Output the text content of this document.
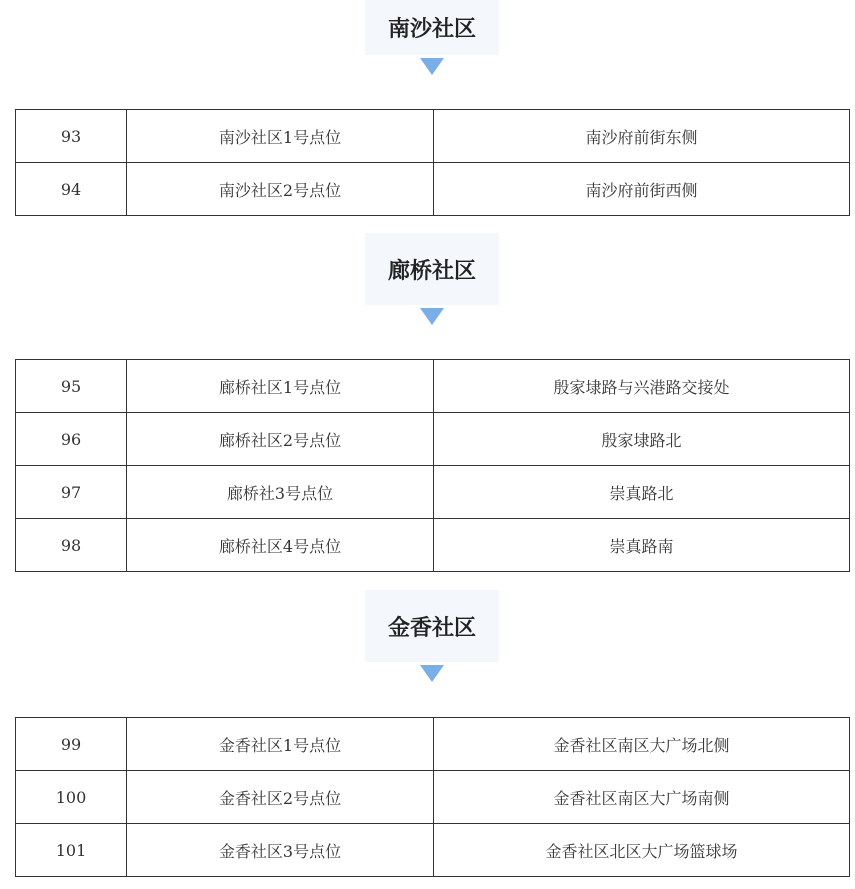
南沙社区
93	南沙社区1号点位	南沙府前街东侧
94	南沙社区2号点位	南沙府前街西侧
廊桥社区
95	廊桥社区1号点位	殷家埭路与兴港路交接处
96	廊桥社区2号点位	殷家埭路北
97	廊桥社3号点位	崇真路北
98	廊桥社区4号点位	崇真路南
金香社区
99	金香社区1号点位	金香社区南区大广场北侧
100	金香社区2号点位	金香社区南区大广场南侧
101	金香社区3号点位	金香社区北区大广场篮球场
